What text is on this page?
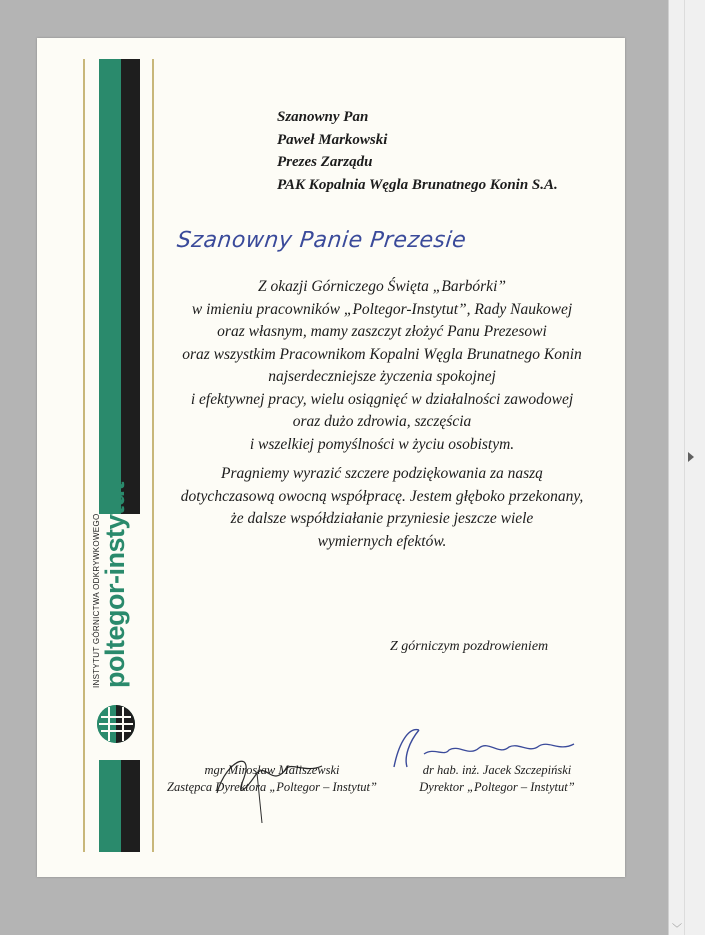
INSTYTUT GÓRNICTWA ODKRYWKOWEGO poltegor-instytut
Szanowny Pan
Paweł Markowski
Prezes Zarządu
PAK Kopalnia Węgla Brunatnego Konin S.A.
Szanowny Panie Prezesie
Z okazji Górniczego Święta „Barbórki”
w imieniu pracowników „Poltegor-Instytut”, Rady Naukowej
oraz własnym, mamy zaszczyt złożyć Panu Prezesowi
oraz wszystkim Pracownikom Kopalni Węgla Brunatnego Konin
najserdeczniejsze życzenia spokojnej
i efektywnej pracy, wielu osiągnięć w działalności zawodowej
oraz dużo zdrowia, szczęścia
i wszelkiej pomyślności w życiu osobistym.
Pragniemy wyrazić szczere podziękowania za naszą
dotychczasową owocną współpracę. Jestem głęboko przekonany,
że dalsze współdziałanie przyniesie jeszcze wiele
wymiernych efektów.
Z górniczym pozdrowieniem
mgr Mirosław Maliszewski
Zastępca Dyrektora „Poltegor – Instytut”
dr hab. inż. Jacek Szczepiński
Dyrektor „Poltegor – Instytut”
﹀
